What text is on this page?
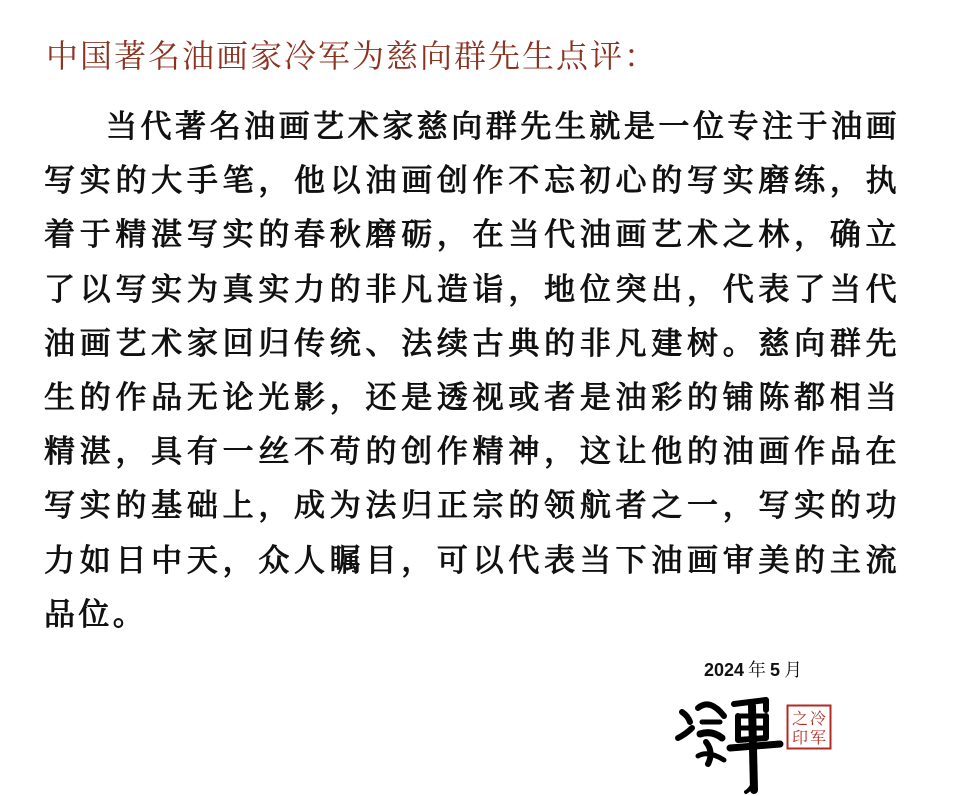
中国著名油画家冷军为慈向群先生点评：

当代著名油画艺术家慈向群先生就是一位专注于油画写实的大手笔，他以油画创作不忘初心的写实磨练，执着于精湛写实的春秋磨砺，在当代油画艺术之林，确立了以写实为真实力的非凡造诣，地位突出，代表了当代油画艺术家回归传统、法续古典的非凡建树。慈向群先生的作品无论光影，还是透视或者是油彩的铺陈都相当精湛，具有一丝不苟的创作精神，这让他的油画作品在写实的基础上，成为法归正宗的领航者之一，写实的功力如日中天，众人瞩目，可以代表当下油画审美的主流品位。

2024 年 5 月
冷
军
之
印
